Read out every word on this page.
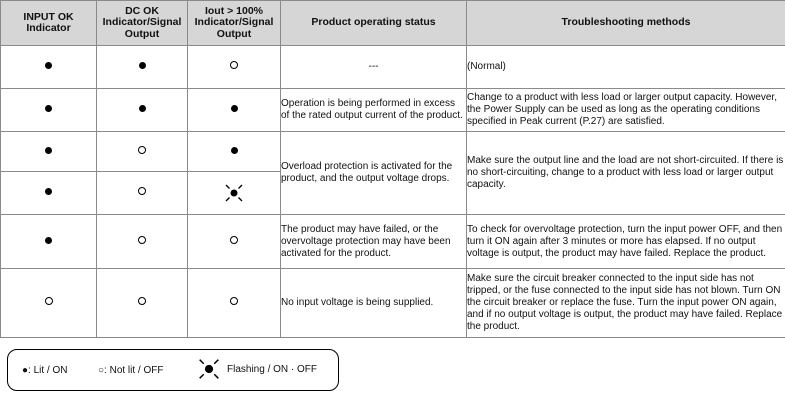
INPUT OK Indicator	DC OK Indicator/Signal Output	Iout > 100% Indicator/Signal Output	Product operating status	Troubleshooting methods
			---	(Normal)
			Operation is being performed in excess of the rated output current of the product.	Change to a product with less load or larger output capacity. However, the Power Supply can be used as long as the operating conditions specified in Peak current (P.27) are satisfied.
			Overload protection is activated for the product, and the output voltage drops.	Make sure the output line and the load are not short-circuited. If there is no short-circuiting, change to a product with less load or larger output capacity.

			The product may have failed, or the overvoltage protection may have been activated for the product.	To check for overvoltage protection, turn the input power OFF, and then turn it ON again after 3 minutes or more has elapsed. If no output voltage is output, the product may have failed. Replace the product.
			No input voltage is being supplied.	Make sure the circuit breaker connected to the input side has not tripped, or the fuse connected to the input side has not blown. Turn ON the circuit breaker or replace the fuse. Turn the input power ON again, and if no output voltage is output, the product may have failed. Replace the product.
●: Lit / ON	○: Not lit / OFF	Flashing / ON · OFF
